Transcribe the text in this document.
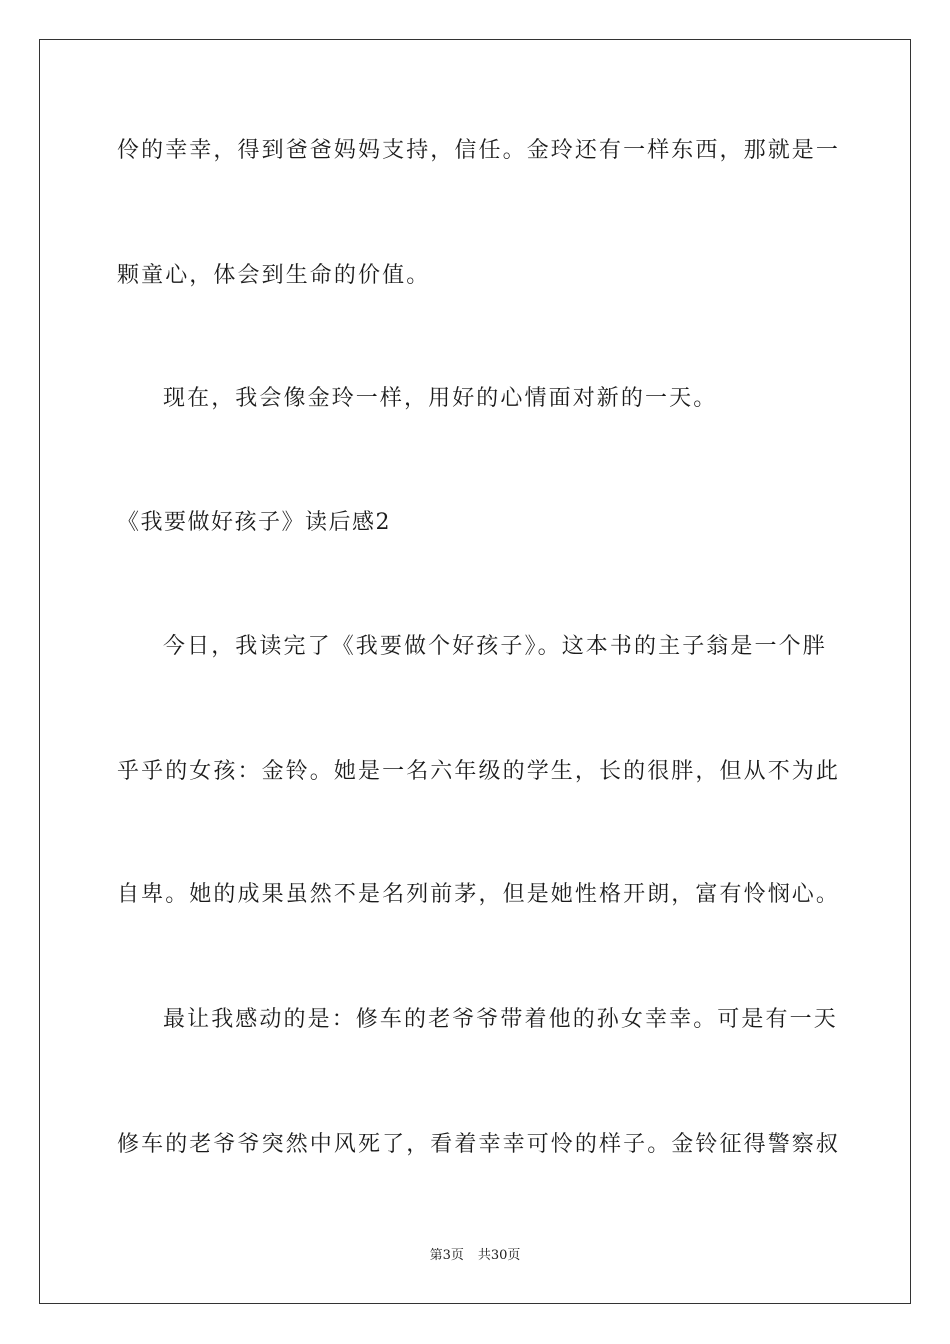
伶的幸幸，得到爸爸妈妈支持，信任。金玲还有一样东西，那就是一
颗童心，体会到生命的价值。
现在，我会像金玲一样，用好的心情面对新的一天。
《我要做好孩子》读后感2
今日，我读完了《我要做个好孩子》。这本书的主子翁是一个胖
乎乎的女孩：金铃。她是一名六年级的学生，长的很胖，但从不为此
自卑。她的成果虽然不是名列前茅，但是她性格开朗，富有怜悯心。
最让我感动的是：修车的老爷爷带着他的孙女幸幸。可是有一天
修车的老爷爷突然中风死了，看着幸幸可怜的样子。金铃征得警察叔
第3页 共30页
